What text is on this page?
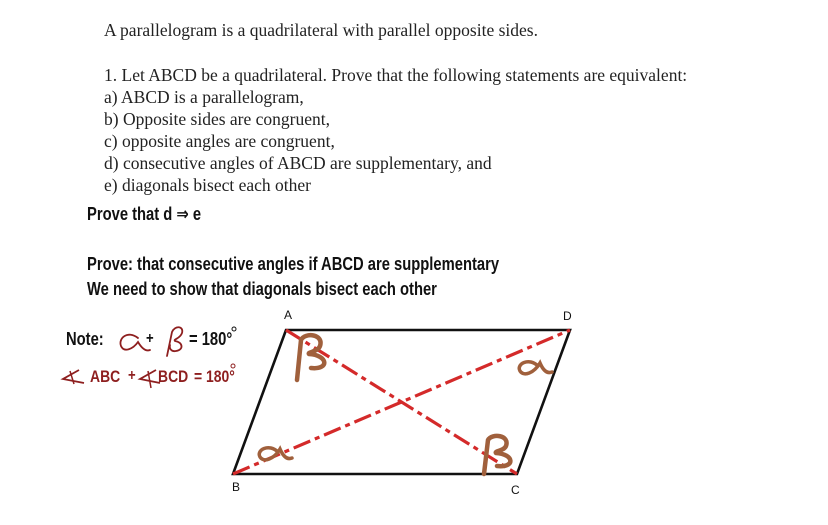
A parallelogram is a quadrilateral with parallel opposite sides.
1. Let ABCD be a quadrilateral. Prove that the following statements are equivalent:
a) ABCD is a parallelogram,
b) Opposite sides are congruent,
c) opposite angles are congruent,
d) consecutive angles of ABCD are supplementary, and
e) diagonals bisect each other
Prove that d ⇒ e
Prove: that consecutive angles if ABCD are supplementary
We need to show that diagonals bisect each other
Note:	+ = 180°
ABC + BCD = 180°
A	D
B	C
